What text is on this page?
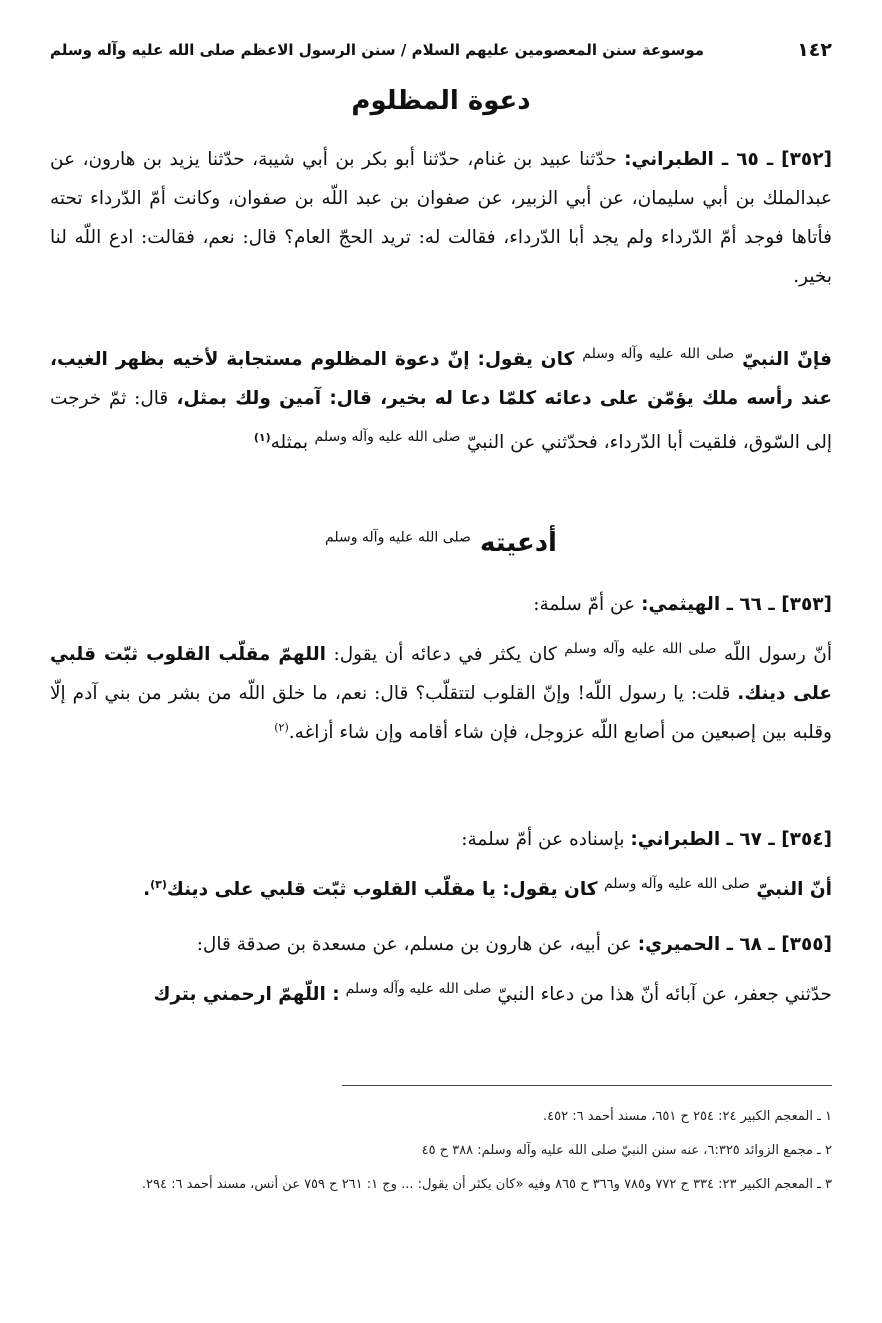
١٤٢
موسوعة سنن المعصومين عليهم السلام / سنن الرسول الاعظم صلى الله عليه وآله وسلم
دعوة المظلوم
[٣٥٢] ـ ٦٥ ـ الطبراني: حدّثنا عبيد بن غنام، حدّثنا أبو بكر بن أبي شيبة، حدّثنا يزيد بن هارون، عن عبدالملك بن أبي سليمان، عن أبي الزبير، عن صفوان بن عبد اللّه بن صفوان، وكانت أمّ الدّرداء تحته فأتاها فوجد أمّ الدّرداء ولم يجد أبا الدّرداء، فقالت له: تريد الحجّ العام؟ قال: نعم، فقالت: ادع اللّه لنا بخير.
فإنّ النبيّ $^{صلى الله عليه وآله وسلم}$ كان يقول: إنّ دعوة المظلوم مستجابة لأخيه بظهر الغيب، عند رأسه ملك يؤمّن على دعائه كلمّا دعا له بخير، قال: آمين ولك بمثل، قال: ثمّ خرجت إلى السّوق، فلقيت أبا الدّرداء، فحدّثني عن النبيّ $^{صلى الله عليه وآله وسلم}$ بمثله$^{(١)}$
أدعيته $^{صلى الله عليه وآله وسلم}$
[٣٥٣] ـ ٦٦ ـ الهيثمي: عن أمّ سلمة:
أنّ رسول اللّه $^{صلى الله عليه وآله وسلم}$ كان يكثر في دعائه أن يقول: اللهمّ مقلّب القلوب ثبّت قلبي على دينك. قلت: يا رسول اللّه! وإنّ القلوب لتتقلّب؟ قال: نعم، ما خلق اللّه من بشر من بني آدم إلّا وقلبه بين إصبعين من أصابع اللّه عزوجل، فإن شاء أقامه وإن شاء أزاغه.$^{(٢)}$
[٣٥٤] ـ ٦٧ ـ الطبراني: بإسناده عن أمّ سلمة:
أنّ النبيّ $^{صلى الله عليه وآله وسلم}$ كان يقول: يا مقلّب القلوب ثبّت قلبي على دينك$^{(٣)}$.
[٣٥٥] ـ ٦٨ ـ الحميري: عن أبيه، عن هارون بن مسلم، عن مسعدة بن صدقة قال:
حدّثني جعفر، عن آبائه أنّ هذا من دعاء النبيّ $^{صلى الله عليه وآله وسلم}$ : اللّهمّ ارحمني بترك

١ ـ المعجم الكبير ٢٤: ٢٥٤ ح ٦٥١، مسند أحمد ٦: ٤٥٢.

٢ ـ مجمع الزوائد ٦:٣٢٥، عنه سنن النبيّ صلى الله عليه وآله وسلم: ٣٨٨ ح ٤٥

٣ ـ المعجم الكبير ٢٣: ٣٣٤ ح ٧٧٢ و٧٨٥ و٣٦٦ ح ٨٦٥ وفيه «كان يكثر أن يقول: ... وج ١: ٢٦١ ح ٧٥٩ عن أنس، مسند أحمد ٦: ٢٩٤.
